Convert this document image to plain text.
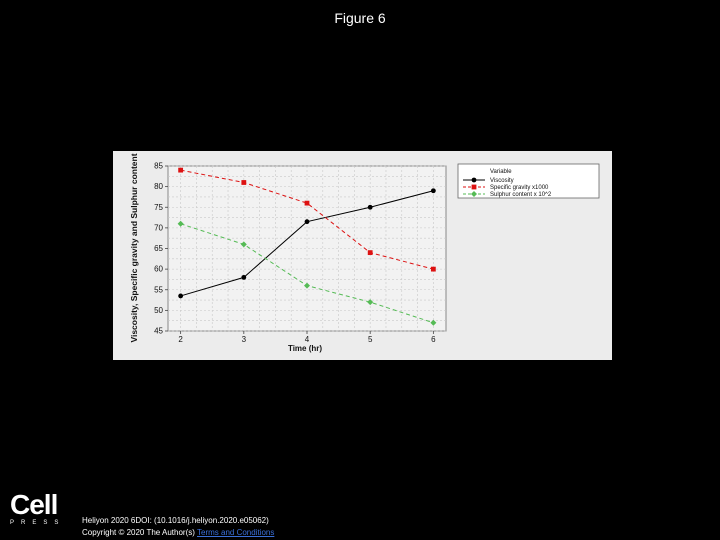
Figure 6
45
50
55
60
65
70
75
80
85
2	3	4	5	6
Viscosity, Specific gravity and Sulphur content
Time (hr)
Variable
Viscosity
Specific gravity x1000
Sulphur content x 10^2
Cell
PRESS Heliyon 2020 6DOI: (10.1016/j.heliyon.2020.e05062)
Copyright © 2020 The Author(s) Terms and Conditions
